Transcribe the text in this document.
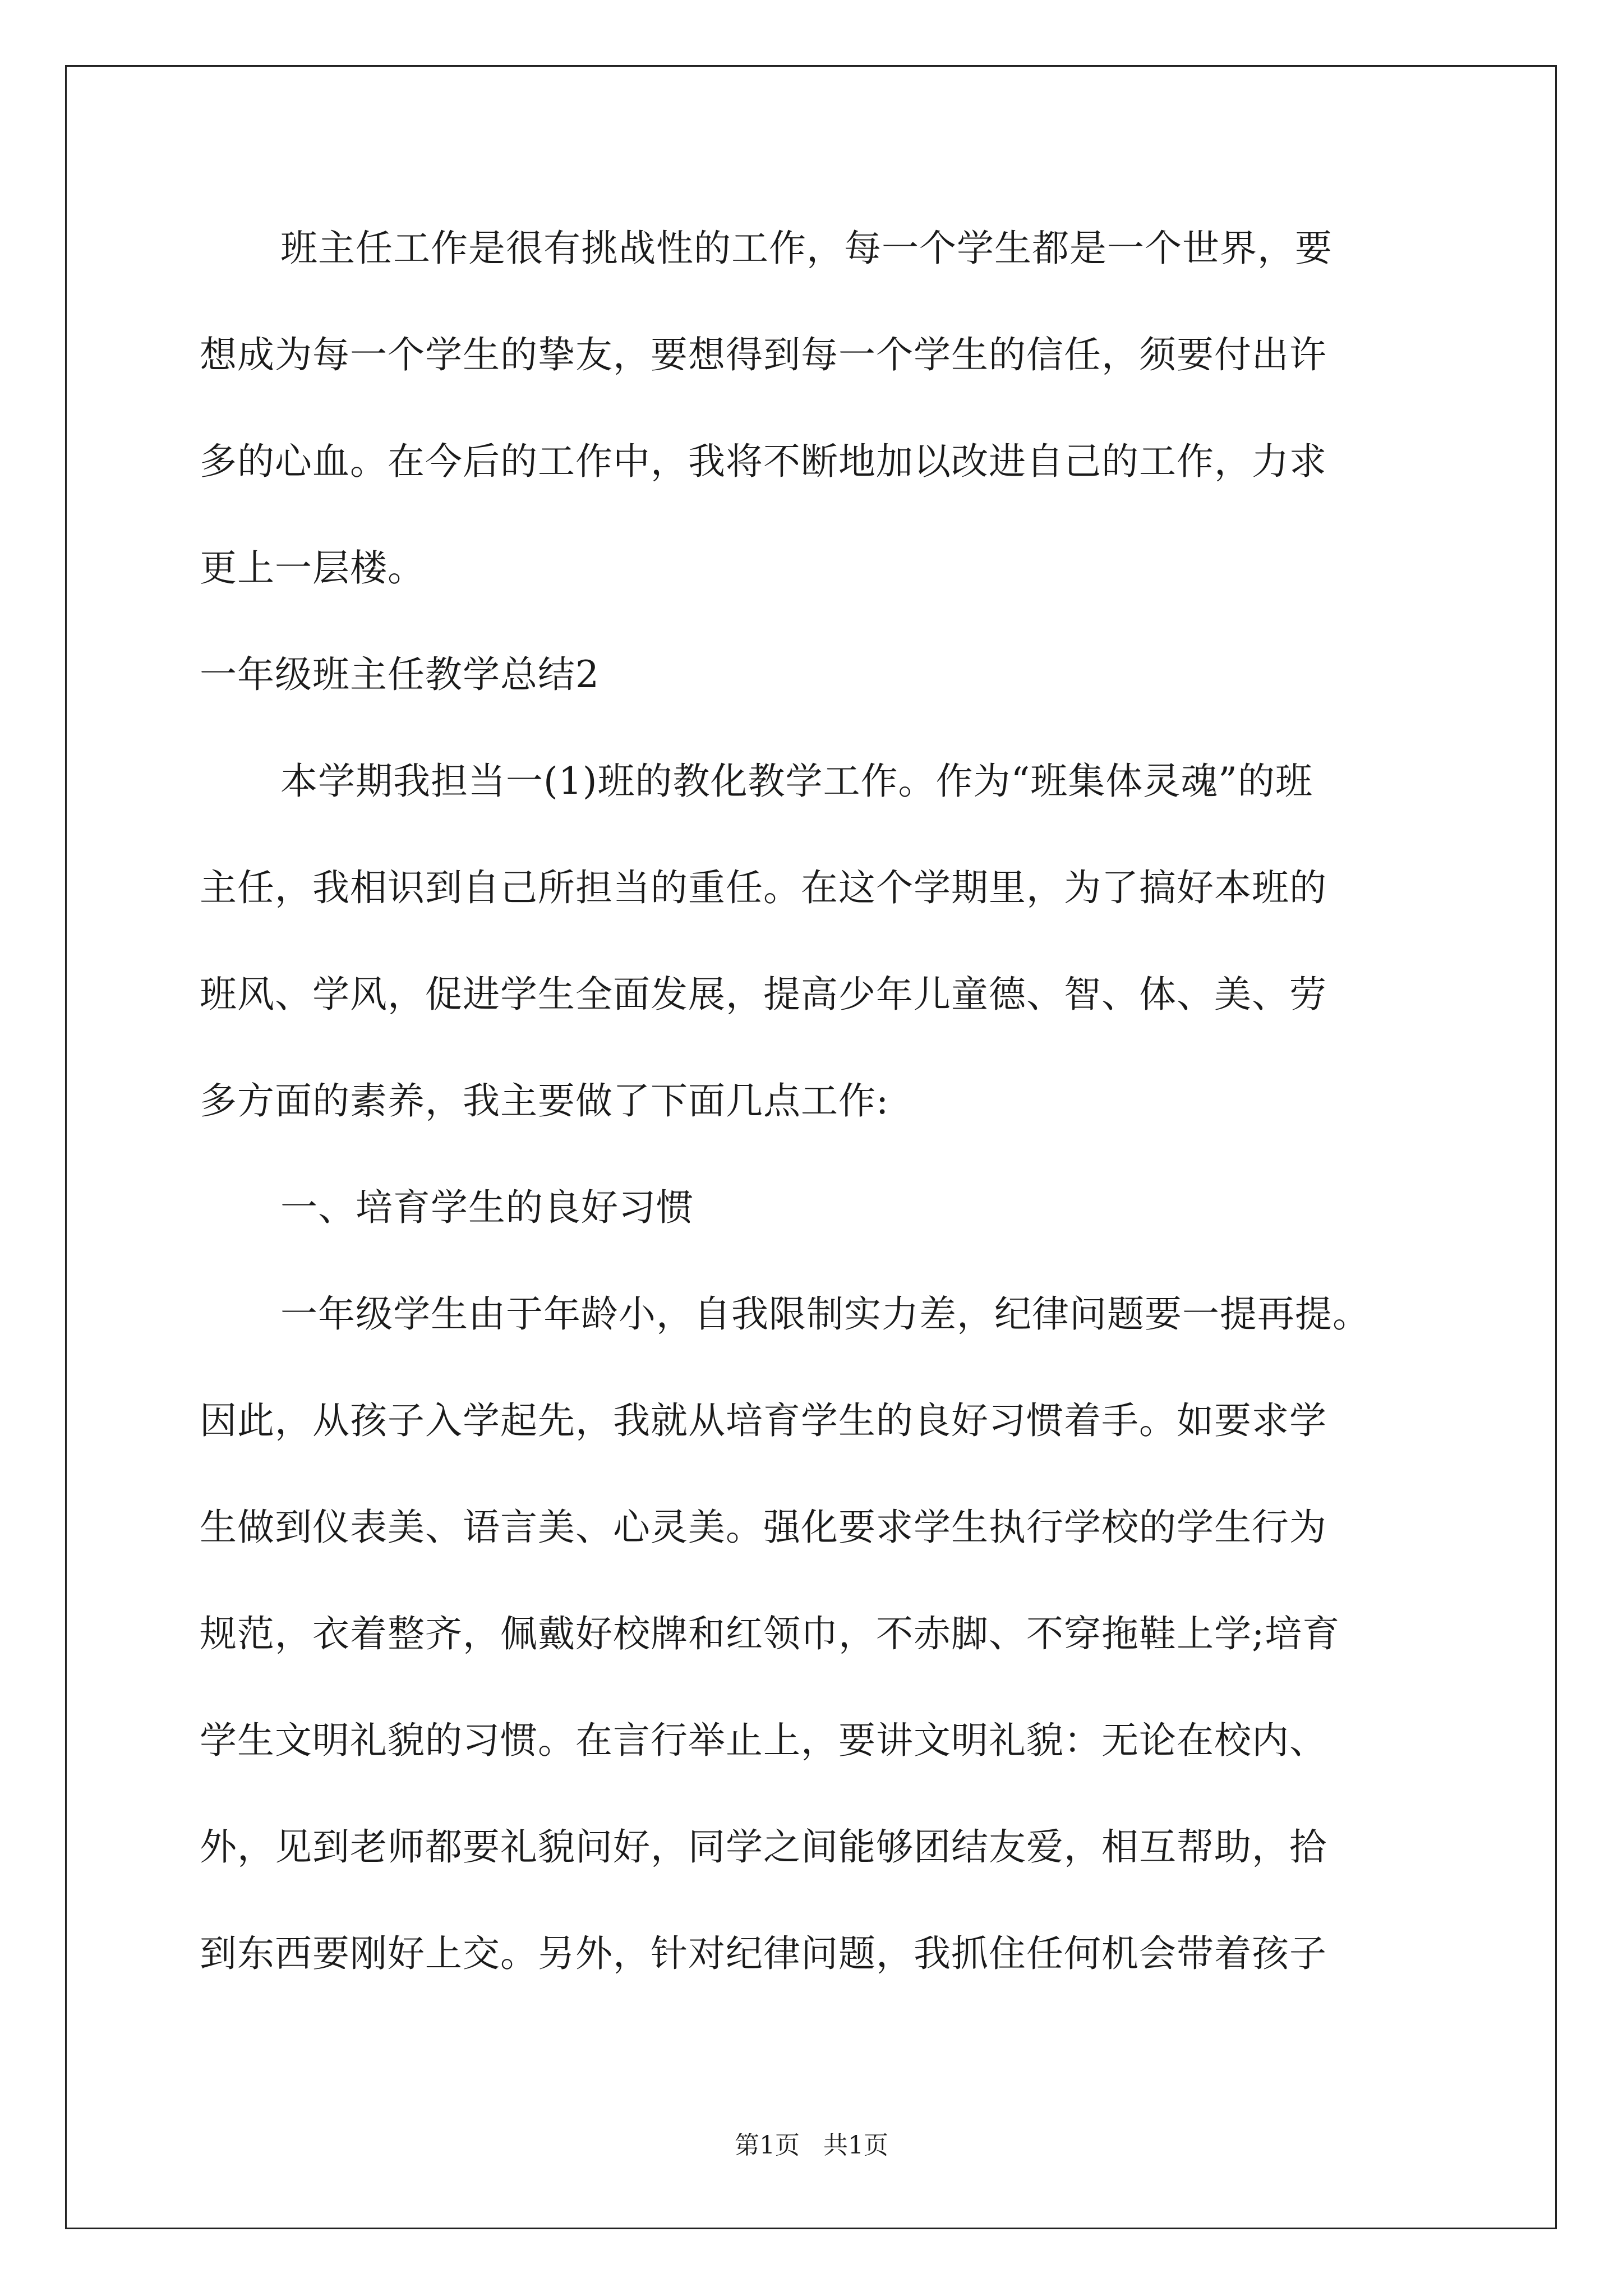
班主任工作是很有挑战性的工作，每一个学生都是一个世界，要
想成为每一个学生的挚友，要想得到每一个学生的信任，须要付出许
多的心血。在今后的工作中，我将不断地加以改进自己的工作，力求
更上一层楼。
一年级班主任教学总结2
本学期我担当一(1)班的教化教学工作。作为“班集体灵魂”的班
主任，我相识到自己所担当的重任。在这个学期里，为了搞好本班的
班风、学风，促进学生全面发展，提高少年儿童德、智、体、美、劳
多方面的素养，我主要做了下面几点工作:
一、培育学生的良好习惯
一年级学生由于年龄小，自我限制实力差，纪律问题要一提再提。
因此，从孩子入学起先，我就从培育学生的良好习惯着手。如要求学
生做到仪表美、语言美、心灵美。强化要求学生执行学校的学生行为
规范，衣着整齐，佩戴好校牌和红领巾，不赤脚、不穿拖鞋上学;培育
学生文明礼貌的习惯。在言行举止上，要讲文明礼貌：无论在校内、
外，见到老师都要礼貌问好，同学之间能够团结友爱，相互帮助，拾
到东西要刚好上交。另外，针对纪律问题，我抓住任何机会带着孩子
第1页   共1页
